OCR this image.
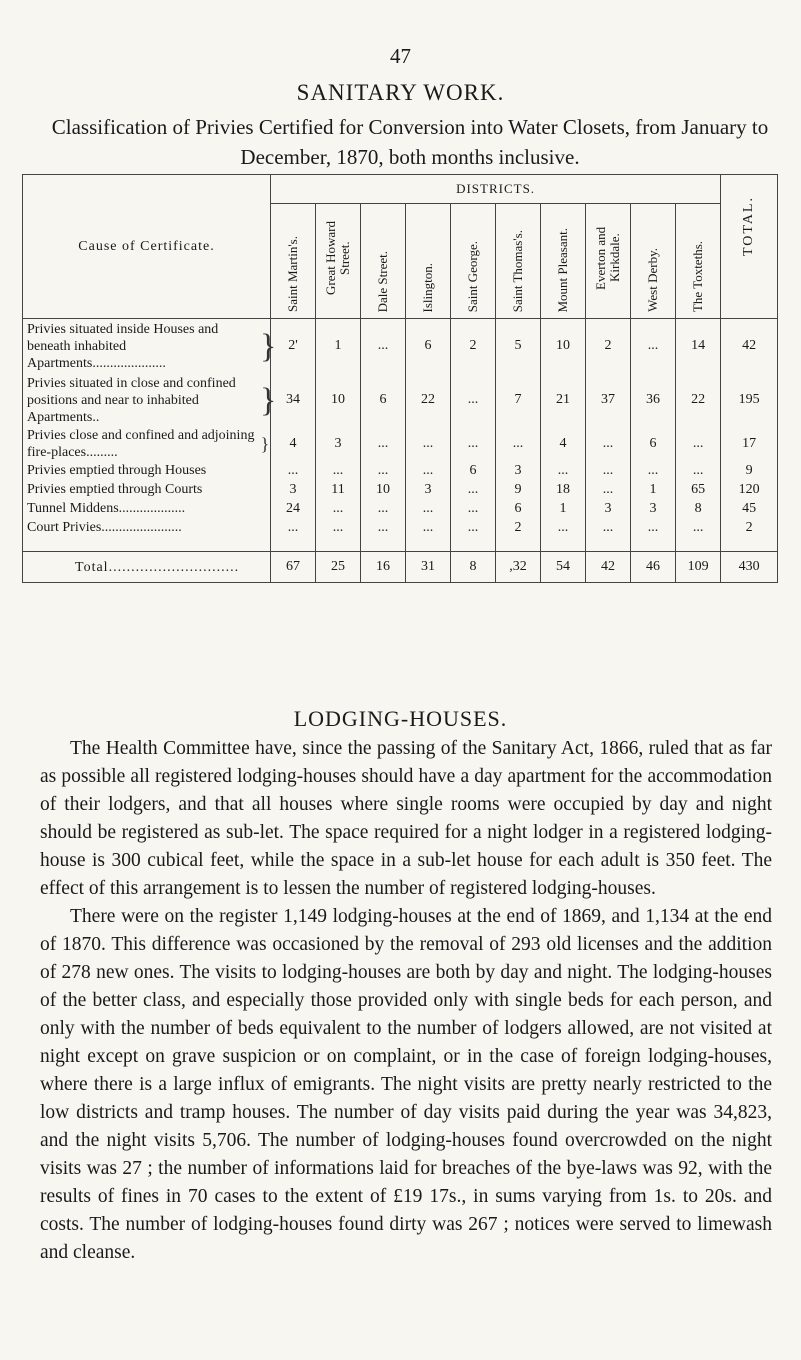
47
SANITARY WORK.
Classification of Privies Certified for Conversion into Water Closets, from January to December, 1870, both months inclusive.
Cause of Certificate.	DISTRICTS.										TOTAL.

	Saint Martin's.	Great Howard Street.	Dale Street.	Islington.	Saint George.	Saint Thomas's.	Mount Pleasant.	Everton and Kirkdale.	West Derby.	The Toxteths.	

Privies situated inside Houses and beneath inhabited Apartments..................... }	2'	1	...	6	2	5	10	2	...	14	42

Privies situated in close and confined positions and near to inhabited Apartments.. }	34	10	6	22	...	7	21	37	36	22	195

Privies close and confined and adjoining fire-places......... }	4	3	...	...	...	...	4	...	6	...	17

Privies emptied through Houses	...	...	...	...	6	3	...	...	...	...	9

Privies emptied through Courts	3	11	10	3	...	9	18	...	1	65	120

Tunnel Middens...................	24	...	...	...	...	6	1	3	3	8	45

Court Privies.......................	...	...	...	...	...	2	...	...	...	...	2

Total.............................	67	25	16	31	8	,32	54	42	46	109	430
LODGING-HOUSES.

The Health Committee have, since the passing of the Sanitary Act, 1866, ruled that as far as possible all registered lodging-houses should have a day apartment for the accommodation of their lodgers, and that all houses where single rooms were occupied by day and night should be registered as sub-let. The space required for a night lodger in a registered lodging-house is 300 cubical feet, while the space in a sub-let house for each adult is 350 feet. The effect of this arrangement is to lessen the number of registered lodging-houses.

There were on the register 1,149 lodging-houses at the end of 1869, and 1,134 at the end of 1870. This difference was occasioned by the removal of 293 old licenses and the addition of 278 new ones. The visits to lodging-houses are both by day and night. The lodging-houses of the better class, and especially those provided only with single beds for each person, and only with the number of beds equivalent to the number of lodgers allowed, are not visited at night except on grave suspicion or on complaint, or in the case of foreign lodging-houses, where there is a large influx of emigrants. The night visits are pretty nearly restricted to the low districts and tramp houses. The number of day visits paid during the year was 34,823, and the night visits 5,706. The number of lodging-houses found overcrowded on the night visits was 27 ; the number of informations laid for breaches of the bye-laws was 92, with the results of fines in 70 cases to the extent of £19 17s., in sums varying from 1s. to 20s. and costs. The number of lodging-houses found dirty was 267 ; notices were served to limewash and cleanse.
